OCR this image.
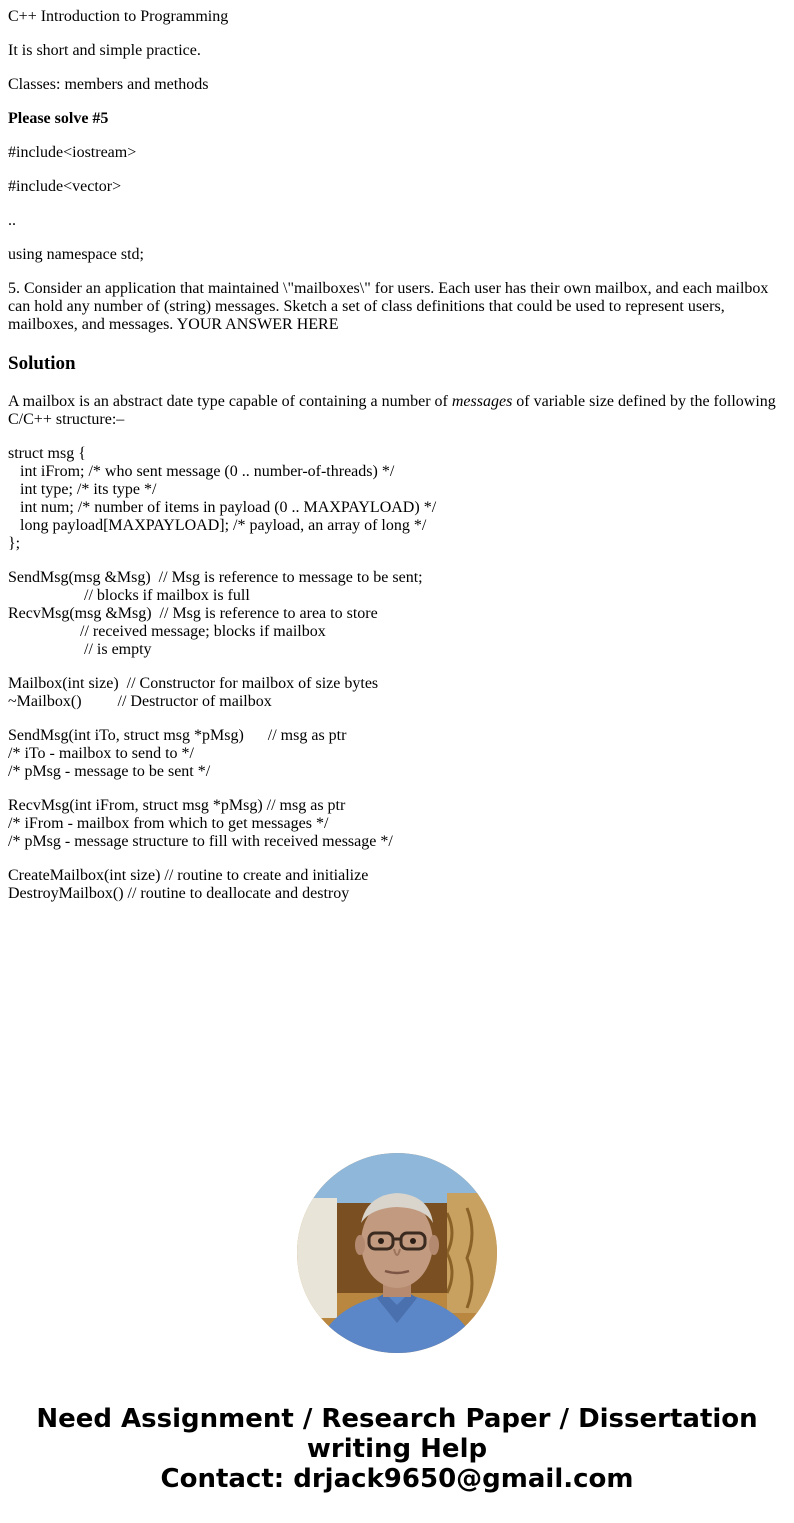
C++ Introduction to Programming

It is short and simple practice.

Classes: members and methods

Please solve #5

#include<iostream>

#include<vector>

..

using namespace std;

5. Consider an application that maintained \"mailboxes\" for users. Each user has their own mailbox, and each mailbox can hold any number of (string) messages. Sketch a set of class definitions that could be used to represent users, mailboxes, and messages. YOUR ANSWER HERE

Solution

A mailbox is an abstract date type capable of containing a number of messages of variable size defined by the following C/C++ structure:–

struct msg {
int iFrom; /* who sent message (0 .. number-of-threads) */
int type; /* its type */
int num; /* number of items in payload (0 .. MAXPAYLOAD) */
long payload[MAXPAYLOAD]; /* payload, an array of long */
};
SendMsg(msg &Msg)  // Msg is reference to message to be sent;
// blocks if mailbox is full
RecvMsg(msg &Msg)  // Msg is reference to area to store
// received message; blocks if mailbox
// is empty
Mailbox(int size)  // Constructor for mailbox of size bytes
~Mailbox()         // Destructor of mailbox
SendMsg(int iTo, struct msg *pMsg)      // msg as ptr
/* iTo - mailbox to send to */
/* pMsg - message to be sent */
RecvMsg(int iFrom, struct msg *pMsg) // msg as ptr
/* iFrom - mailbox from which to get messages */
/* pMsg - message structure to fill with received message */
CreateMailbox(int size) // routine to create and initialize
DestroyMailbox() // routine to deallocate and destroy
Need Assignment / Research Paper / Dissertation
writing Help
Contact: drjack9650@gmail.com
